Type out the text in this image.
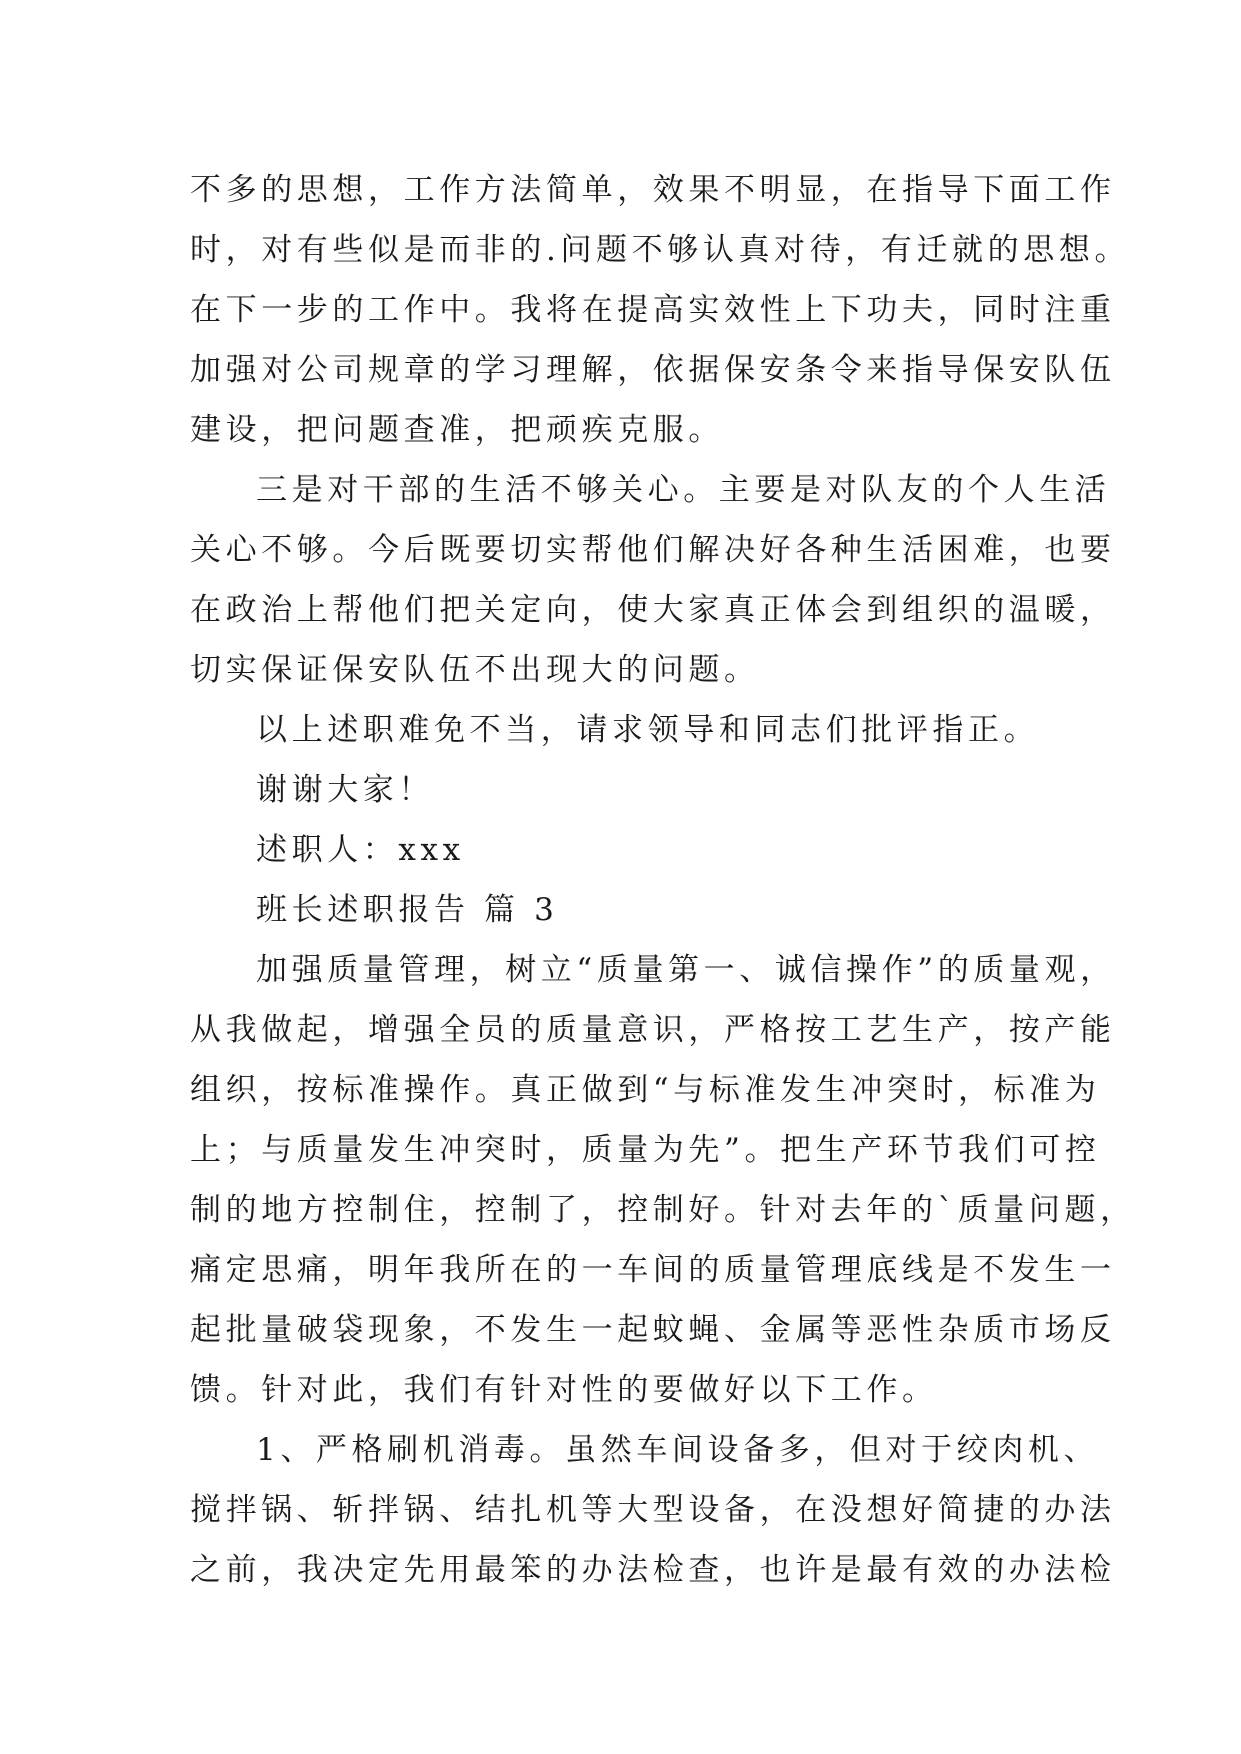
不多的思想，工作方法简单，效果不明显，在指导下面工作
时，对有些似是而非的.问题不够认真对待，有迁就的思想。
在下一步的工作中。我将在提高实效性上下功夫，同时注重
加强对公司规章的学习理解，依据保安条令来指导保安队伍
建设，把问题查准，把顽疾克服。
三是对干部的生活不够关心。主要是对队友的个人生活
关心不够。今后既要切实帮他们解决好各种生活困难，也要
在政治上帮他们把关定向，使大家真正体会到组织的温暖，
切实保证保安队伍不出现大的问题。
以上述职难免不当，请求领导和同志们批评指正。
谢谢大家！
述职人：xxx
班长述职报告 篇 3
加强质量管理，树立“质量第一、诚信操作”的质量观，
从我做起，增强全员的质量意识，严格按工艺生产，按产能
组织，按标准操作。真正做到“与标准发生冲突时，标准为
上；与质量发生冲突时，质量为先”。把生产环节我们可控
制的地方控制住，控制了，控制好。针对去年的`质量问题，
痛定思痛，明年我所在的一车间的质量管理底线是不发生一
起批量破袋现象，不发生一起蚊蝇、金属等恶性杂质市场反
馈。针对此，我们有针对性的要做好以下工作。
1、严格刷机消毒。虽然车间设备多，但对于绞肉机、
搅拌锅、斩拌锅、结扎机等大型设备，在没想好简捷的办法
之前，我决定先用最笨的办法检查，也许是最有效的办法检
